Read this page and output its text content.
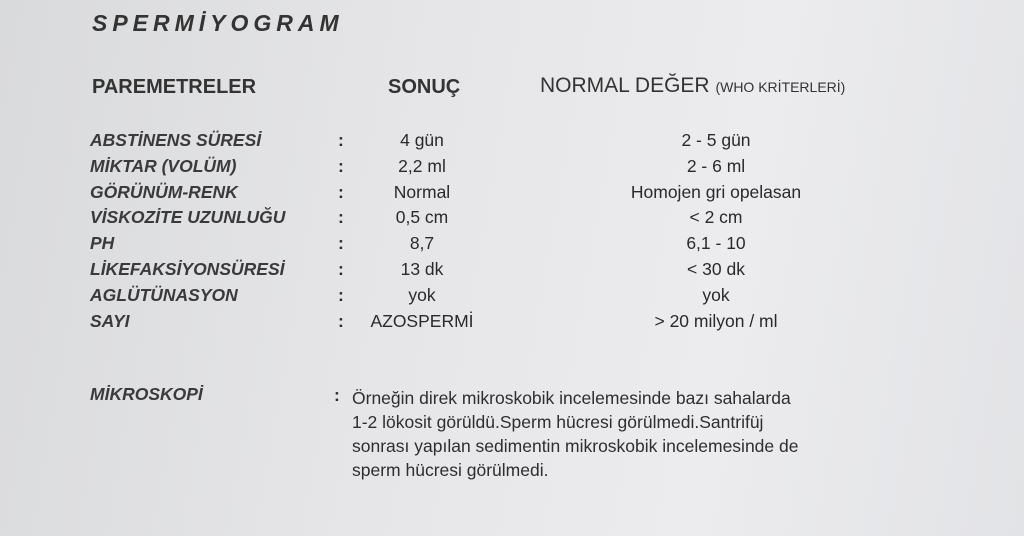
SPERMİYOGRAM
PAREMETRELER	SONUÇ	NORMAL DEĞER (WHO KRİTERLERİ)
ABSTİNENS SÜRESİ	:	4 gün	2 - 5 gün
MİKTAR (VOLÜM)	:	2,2 ml	2 - 6 ml
GÖRÜNÜM-RENK	:	Normal	Homojen gri opelasan
VİSKOZİTE UZUNLUĞU	:	0,5 cm	< 2 cm
PH	:	8,7	6,1 - 10
LİKEFAKSİYONSÜRESİ	:	13 dk	< 30 dk
AGLÜTÜNASYON	:	yok	yok
SAYI	:	AZOSPERMİ	> 20 milyon / ml
MİKROSKOPİ	: Örneğin direk mikroskobik incelemesinde bazı sahalarda
1-2 lökosit görüldü.Sperm hücresi görülmedi.Santrifüj
sonrası yapılan sedimentin mikroskobik incelemesinde de
sperm hücresi görülmedi.
